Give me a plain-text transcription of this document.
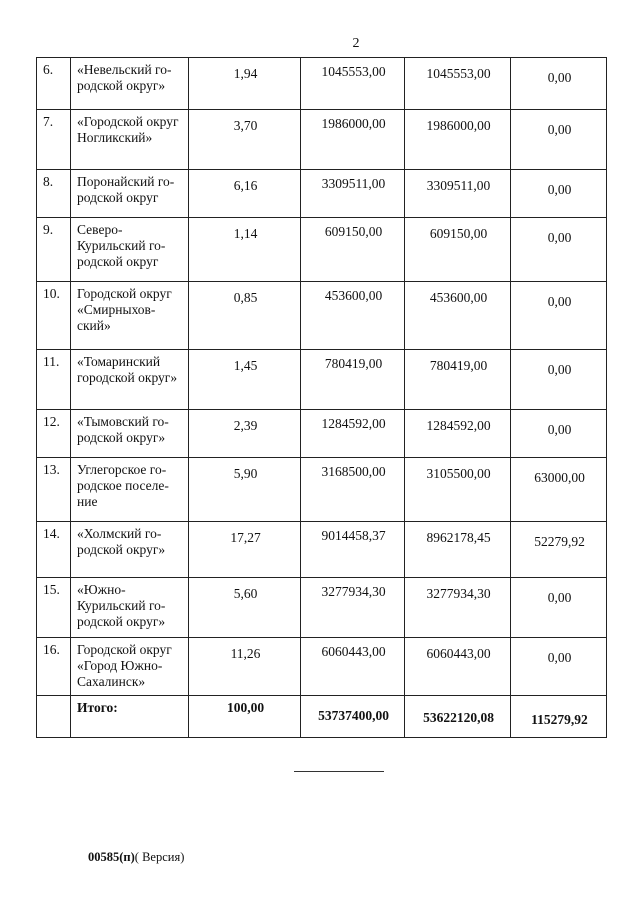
2
6.	«Невельский го-родской округ»	1,94	1045553,00	1045553,00	0,00
7.	«Городской округ Ногликский»	3,70	1986000,00	1986000,00	0,00
8.	Поронайский го-родской округ	6,16	3309511,00	3309511,00	0,00
9.	Северо-Курильский го-родской округ	1,14	609150,00	609150,00	0,00
10.	Городской округ «Смирныхов-ский»	0,85	453600,00	453600,00	0,00
11.	«Томаринский городской округ»	1,45	780419,00	780419,00	0,00
12.	«Тымовский го-родской округ»	2,39	1284592,00	1284592,00	0,00
13.	Углегорское го-родское поселе-ние	5,90	3168500,00	3105500,00	63000,00
14.	«Холмский го-родской округ»	17,27	9014458,37	8962178,45	52279,92
15.	«Южно-Курильский го-родской округ»	5,60	3277934,30	3277934,30	0,00
16.	Городской округ «Город Южно-Сахалинск»	11,26	6060443,00	6060443,00	0,00
	Итого:	100,00	53737400,00	53622120,08	115279,92
00585(п)( Версия)
